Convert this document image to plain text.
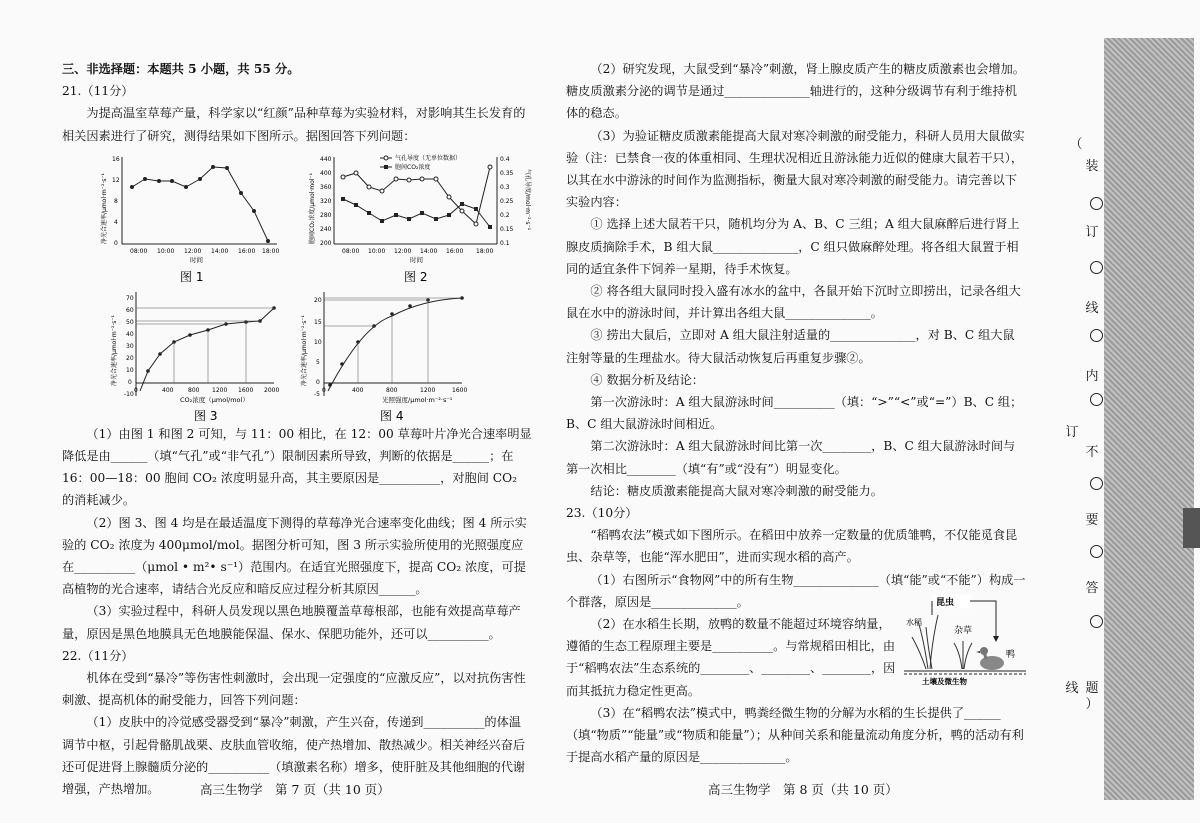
三、非选择题：本题共 5 小题，共 55 分。

21.（11分）

为提高温室草莓产量，科学家以“红颜”品种草莓为实验材料，对影响其生长发育的相关因素进行了研究，测得结果如下图所示。据图回答下列问题：

08:00 10:00 12:00 14:00 16:00 18:00
0
4
8
12
16
时间
净光合速率/μmol·m⁻²·s⁻¹
气孔导度（无单位数据）
胞间CO₂浓度
200
240
280
320
360
400
440
0.1
0.15
0.2
0.25
0.3
0.35
0.4
08:00 10:00 12:00 14:00 16:00 18:00
时间
胞间CO₂浓度/μmol·mol⁻¹	气孔导度/mol·m⁻²·s⁻¹
图 1	图 2
0	400 800 1200 1600 2000
-10
0
10
20
30
40
50
60
70
CO₂浓度（μmol/mol）
净光合速率/μmol·m⁻²·s⁻¹
0	400	800	1200	1600
-5
0
5
10
15
20
光照强度/μmol·m⁻²·s⁻¹
净光合速率/μmol·m⁻²·s⁻¹
图 3	图 4

（1）由图 1 和图 2 可知，与 11：00 相比，在 12：00 草莓叶片净光合速率明显降低是由______（填“气孔”或“非气孔”）限制因素所导致，判断的依据是______；在 16：00—18：00 胞间 CO₂ 浓度明显升高，其主要原因是__________，对胞间 CO₂ 的消耗减少。

（2）图 3、图 4 均是在最适温度下测得的草莓净光合速率变化曲线；图 4 所示实验的 CO₂ 浓度为 400μmol/mol。据图分析可知，图 3 所示实验所使用的光照强度应在__________（μmol • m²• s⁻¹）范围内。在适宜光照强度下，提高 CO₂ 浓度，可提高植物的光合速率，请结合光反应和暗反应过程分析其原因______。

（3）实验过程中，科研人员发现以黑色地膜覆盖草莓根部，也能有效提高草莓产量，原因是黑色地膜具无色地膜能保温、保水、保肥功能外，还可以__________。

22.（11分）

机体在受到“暴冷”等伤害性刺激时，会出现一定强度的“应激反应”，以对抗伤害性刺激、提高机体的耐受能力，回答下列问题：

（1）皮肤中的冷觉感受器受到“暴冷”刺激，产生兴奋，传递到__________的体温调节中枢，引起骨骼肌战栗、皮肤血管收缩，使产热增加、散热减少。相关神经兴奋后还可促进肾上腺髓质分泌的__________（填激素名称）增多，使肝脏及其他细胞的代谢增强，产热增加。	高三生物学　第 7 页（共 10 页）

（2）研究发现，大鼠受到“暴冷”刺激，肾上腺皮质产生的糖皮质激素也会增加。糖皮质激素分泌的调节是通过______________轴进行的，这种分级调节有利于维持机体的稳态。

（3）为验证糖皮质激素能提高大鼠对寒冷刺激的耐受能力，科研人员用大鼠做实验（注：已禁食一夜的体重相同、生理状况相近且游泳能力近似的健康大鼠若干只），以其在水中游泳的时间作为监测指标，衡量大鼠对寒冷刺激的耐受能力。请完善以下实验内容：

① 选择上述大鼠若干只，随机均分为 A、B、C 三组；A 组大鼠麻醉后进行肾上腺皮质摘除手术，B 组大鼠______________，C 组只做麻醉处理。将各组大鼠置于相同的适宜条件下饲养一星期，待手术恢复。

② 将各组大鼠同时投入盛有冰水的盆中，各鼠开始下沉时立即捞出，记录各组大鼠在水中的游泳时间，并计算出各组大鼠______________。

③ 捞出大鼠后，立即对 A 组大鼠注射适量的______________，对 B、C 组大鼠注射等量的生理盐水。待大鼠活动恢复后再重复步骤②。

④ 数据分析及结论：

第一次游泳时：A 组大鼠游泳时间__________（填：“>”“<”或“=”）B、C 组；B、C 组大鼠游泳时间相近。

第二次游泳时：A 组大鼠游泳时间比第一次________，B、C 组大鼠游泳时间与第一次相比________（填“有”或“没有”）明显变化。

结论：糖皮质激素能提高大鼠对寒冷刺激的耐受能力。

23.（10分）

“稻鸭农法”模式如下图所示。在稻田中放养一定数量的优质雏鸭，不仅能觅食昆虫、杂草等，也能“浑水肥田”，进而实现水稻的高产。

（1）右图所示“食物网”中的所有生物______________（填“能”或“不能”）构成一个群落，原因是______________。

（2）在水稻生长期，放鸭的数量不能超过环境容纳量，遵循的生态工程原理主要是__________。与常规稻田相比，由于“稻鸭农法”生态系统的________、________、________，因而其抵抗力稳定性更高。

昆虫
水稻
杂草
鸭
土壤及微生物

（3）在“稻鸭农法”模式中，鸭粪经微生物的分解为水稻的生长提供了______（填“物质”“能量”或“物质和能量”）；从种间关系和能量流动角度分析，鸭的活动有利于提高水稻产量的原因是______________。

高三生物学　第 8 页（共 10 页）
（
装
订
线
内
订
不
要
答
线 题
）
